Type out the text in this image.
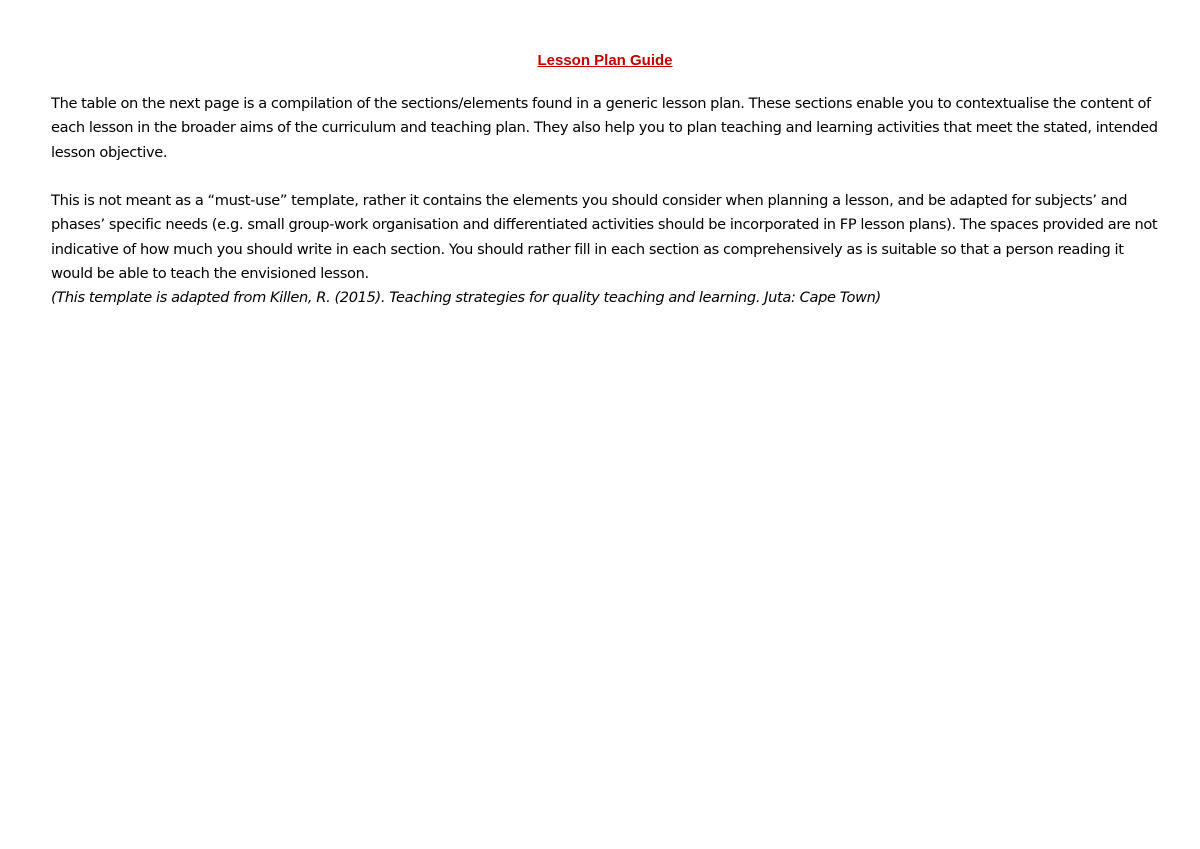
Lesson Plan Guide

The table on the next page is a compilation of the sections/elements found in a generic lesson plan. These sections enable you to contextualise the content of each lesson in the broader aims of the curriculum and teaching plan. They also help you to plan teaching and learning activities that meet the stated, intended lesson objective.

This is not meant as a “must-use” template, rather it contains the elements you should consider when planning a lesson, and be adapted for subjects’ and phases’ specific needs (e.g. small group-work organisation and differentiated activities should be incorporated in FP lesson plans). The spaces provided are not indicative of how much you should write in each section. You should rather fill in each section as comprehensively as is suitable so that a person reading it would be able to teach the envisioned lesson.

(This template is adapted from Killen, R. (2015). Teaching strategies for quality teaching and learning. Juta: Cape Town)
